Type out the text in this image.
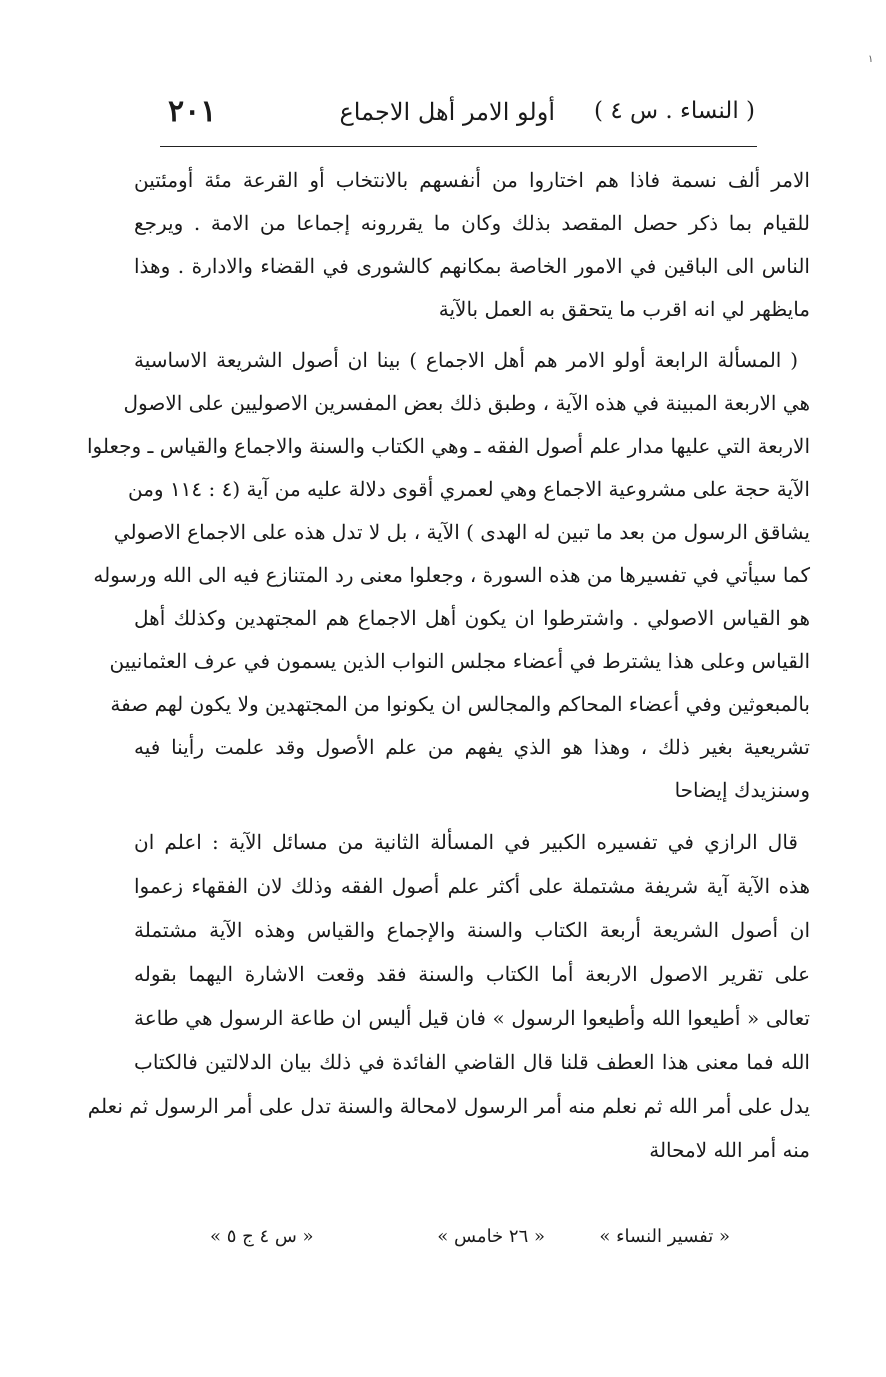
١
( النساء . س ٤ )
أولو الامر أهل الاجماع
٢٠١
الامر ألف نسمة فاذا هم اختاروا من أنفسهم بالانتخاب أو القرعة مئة أومئتين
للقيام بما ذكر حصل المقصد بذلك وكان ما يقررونه إجماعا من الامة . ويرجع
الناس الى الباقين في الامور الخاصة بمكانهم كالشورى في القضاء والادارة . وهذا
مايظهر لي انه اقرب ما يتحقق به العمل بالآية
( المسألة الرابعة أولو الامر هم أهل الاجماع ) بينا ان أصول الشريعة الاساسية
هي الاربعة المبينة في هذه الآية ، وطبق ذلك بعض المفسرين الاصوليين على الاصول
الاربعة التي عليها مدار علم أصول الفقه ـ وهي الكتاب والسنة والاجماع والقياس ـ وجعلوا
الآية حجة على مشروعية الاجماع وهي لعمري أقوى دلالة عليه من آية (٤ : ١١٤ ومن
يشاقق الرسول من بعد ما تبين له الهدى ) الآية ، بل لا تدل هذه على الاجماع الاصولي
كما سيأتي في تفسيرها من هذه السورة ، وجعلوا معنى رد المتنازع فيه الى الله ورسوله
هو القياس الاصولي . واشترطوا ان يكون أهل الاجماع هم المجتهدين وكذلك أهل
القياس وعلى هذا يشترط في أعضاء مجلس النواب الذين يسمون في عرف العثمانيين
بالمبعوثين وفي أعضاء المحاكم والمجالس ان يكونوا من المجتهدين ولا يكون لهم صفة
تشريعية بغير ذلك ، وهذا هو الذي يفهم من علم الأصول وقد علمت رأينا فيه
وسنزيدك إيضاحا
قال الرازي في تفسيره الكبير في المسألة الثانية من مسائل الآية : اعلم ان
هذه الآية آية شريفة مشتملة على أكثر علم أصول الفقه وذلك لان الفقهاء زعموا
ان أصول الشريعة أربعة الكتاب والسنة والإجماع والقياس وهذه الآية مشتملة
على تقرير الاصول الاربعة أما الكتاب والسنة فقد وقعت الاشارة اليهما بقوله
تعالى « أطيعوا الله وأطيعوا الرسول » فان قيل أليس ان طاعة الرسول هي طاعة
الله فما معنى هذا العطف قلنا قال القاضي الفائدة في ذلك بيان الدلالتين فالكتاب
يدل على أمر الله ثم نعلم منه أمر الرسول لامحالة والسنة تدل على أمر الرسول ثم نعلم
منه أمر الله لامحالة
« تفسير النساء »
« ٢٦ خامس »
« س ٤ ج ٥ »
